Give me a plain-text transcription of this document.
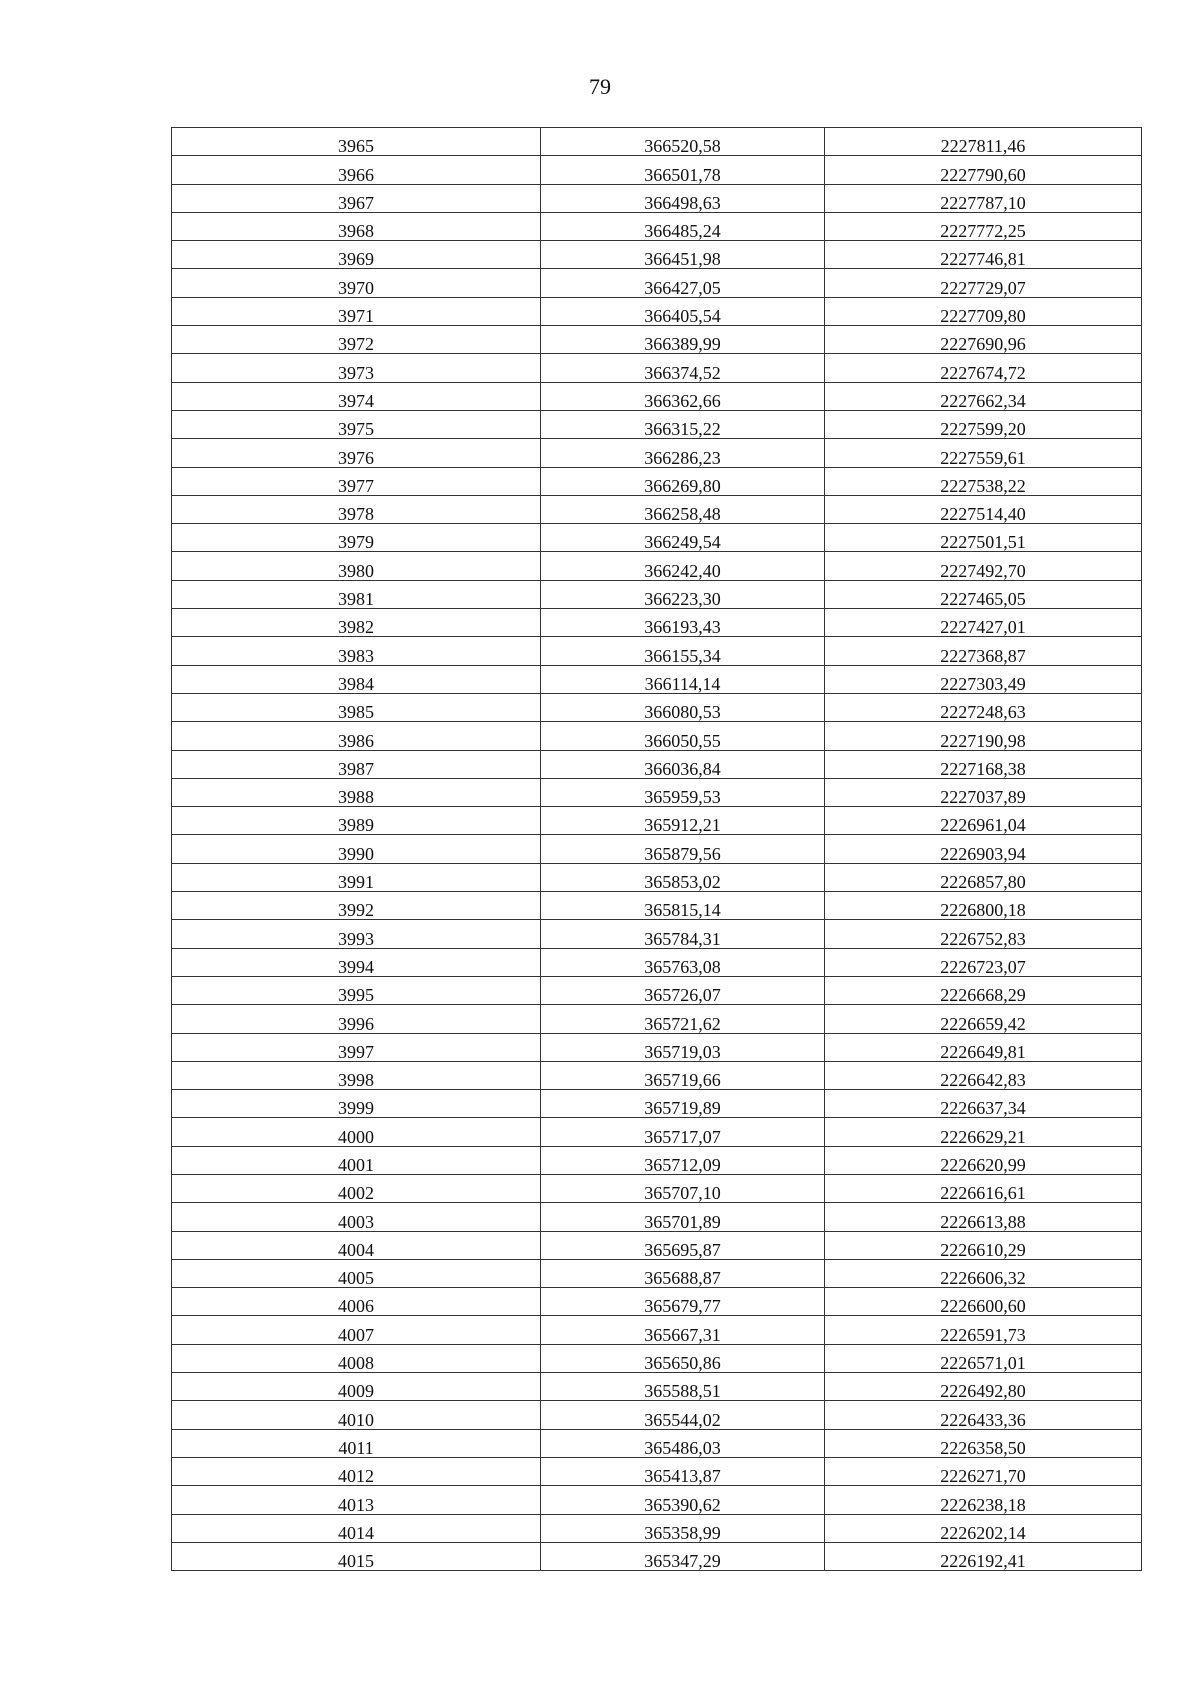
79
3965	366520,58	2227811,46
3966	366501,78	2227790,60
3967	366498,63	2227787,10
3968	366485,24	2227772,25
3969	366451,98	2227746,81
3970	366427,05	2227729,07
3971	366405,54	2227709,80
3972	366389,99	2227690,96
3973	366374,52	2227674,72
3974	366362,66	2227662,34
3975	366315,22	2227599,20
3976	366286,23	2227559,61
3977	366269,80	2227538,22
3978	366258,48	2227514,40
3979	366249,54	2227501,51
3980	366242,40	2227492,70
3981	366223,30	2227465,05
3982	366193,43	2227427,01
3983	366155,34	2227368,87
3984	366114,14	2227303,49
3985	366080,53	2227248,63
3986	366050,55	2227190,98
3987	366036,84	2227168,38
3988	365959,53	2227037,89
3989	365912,21	2226961,04
3990	365879,56	2226903,94
3991	365853,02	2226857,80
3992	365815,14	2226800,18
3993	365784,31	2226752,83
3994	365763,08	2226723,07
3995	365726,07	2226668,29
3996	365721,62	2226659,42
3997	365719,03	2226649,81
3998	365719,66	2226642,83
3999	365719,89	2226637,34
4000	365717,07	2226629,21
4001	365712,09	2226620,99
4002	365707,10	2226616,61
4003	365701,89	2226613,88
4004	365695,87	2226610,29
4005	365688,87	2226606,32
4006	365679,77	2226600,60
4007	365667,31	2226591,73
4008	365650,86	2226571,01
4009	365588,51	2226492,80
4010	365544,02	2226433,36
4011	365486,03	2226358,50
4012	365413,87	2226271,70
4013	365390,62	2226238,18
4014	365358,99	2226202,14
4015	365347,29	2226192,41
